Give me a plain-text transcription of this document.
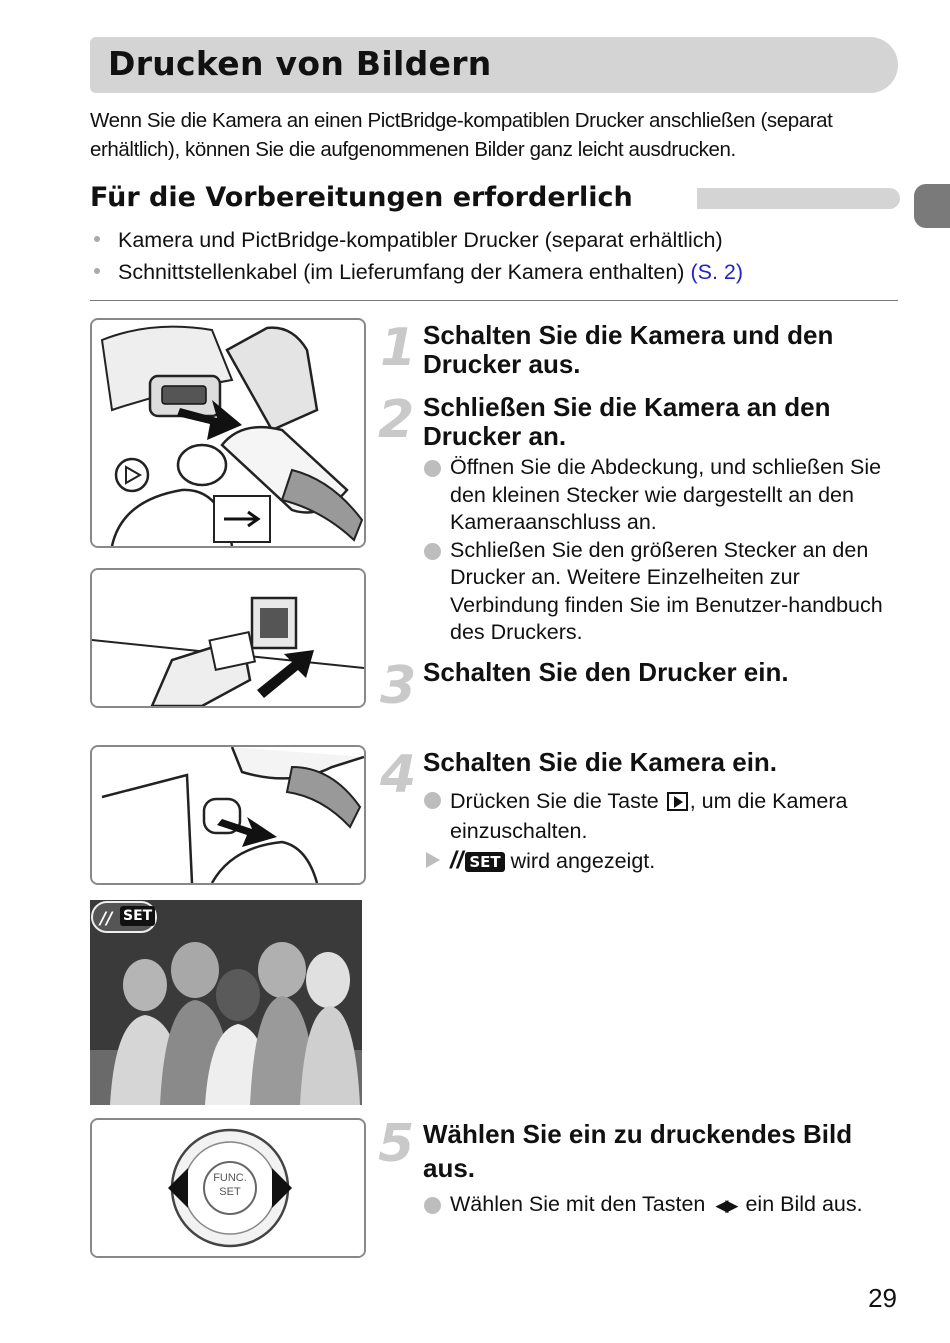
Drucken von Bildern
Wenn Sie die Kamera an einen PictBridge-kompatiblen Drucker anschließen (separat erhältlich), können Sie die aufgenommenen Bilder ganz leicht ausdrucken.
Für die Vorbereitungen erforderlich
Kamera und PictBridge-kompatibler Drucker (separat erhältlich)
Schnittstellenkabel (im Lieferumfang der Kamera enthalten) (S. 2)
// SET
FUNC.
SET
1 Schalten Sie die Kamera und den Drucker aus.
2 Schließen Sie die Kamera an den Drucker an.
Öffnen Sie die Abdeckung, und schließen Sie den kleinen Stecker wie dargestellt an den Kameraanschluss an.
Schließen Sie den größeren Stecker an den Drucker an. Weitere Einzelheiten zur Verbindung finden Sie im Benutzer-handbuch des Druckers.
3 Schalten Sie den Drucker ein.
4 Schalten Sie die Kamera ein.
Drücken Sie die Taste , um die Kamera einzuschalten.
// SET wird angezeigt.
5 Wählen Sie ein zu druckendes Bild aus.
Wählen Sie mit den Tasten ◀▶ ein Bild aus.
29
